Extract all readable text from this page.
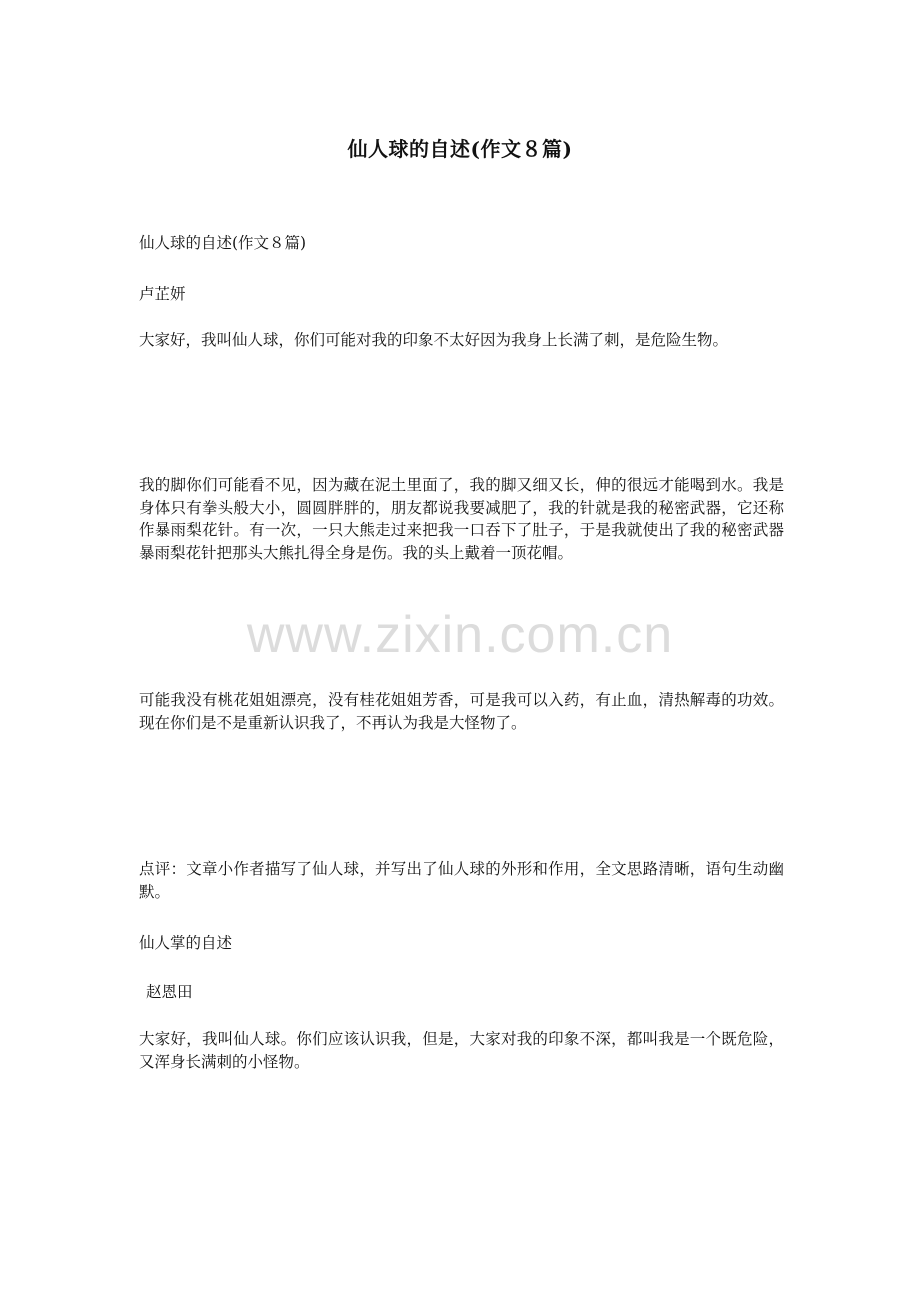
仙人球的自述(作文８篇)

仙人球的自述(作文８篇)

卢芷妍

大家好，我叫仙人球，你们可能对我的印象不太好因为我身上长满了刺，是危险生物。

我的脚你们可能看不见，因为藏在泥土里面了，我的脚又细又长，伸的很远才能喝到水。我是身体只有拳头般大小，圆圆胖胖的，朋友都说我要减肥了，我的针就是我的秘密武器，它还称作暴雨梨花针。有一次，一只大熊走过来把我一口吞下了肚子，于是我就使出了我的秘密武器暴雨梨花针把那头大熊扎得全身是伤。我的头上戴着一顶花帽。

www.zixin.com.cn

可能我没有桃花姐姐漂亮，没有桂花姐姐芳香，可是我可以入药，有止血，清热解毒的功效。现在你们是不是重新认识我了，不再认为我是大怪物了。

点评：文章小作者描写了仙人球，并写出了仙人球的外形和作用，全文思路清晰，语句生动幽默。

仙人掌的自述

赵恩田

大家好，我叫仙人球。你们应该认识我，但是，大家对我的印象不深，都叫我是一个既危险，又浑身长满刺的小怪物。
